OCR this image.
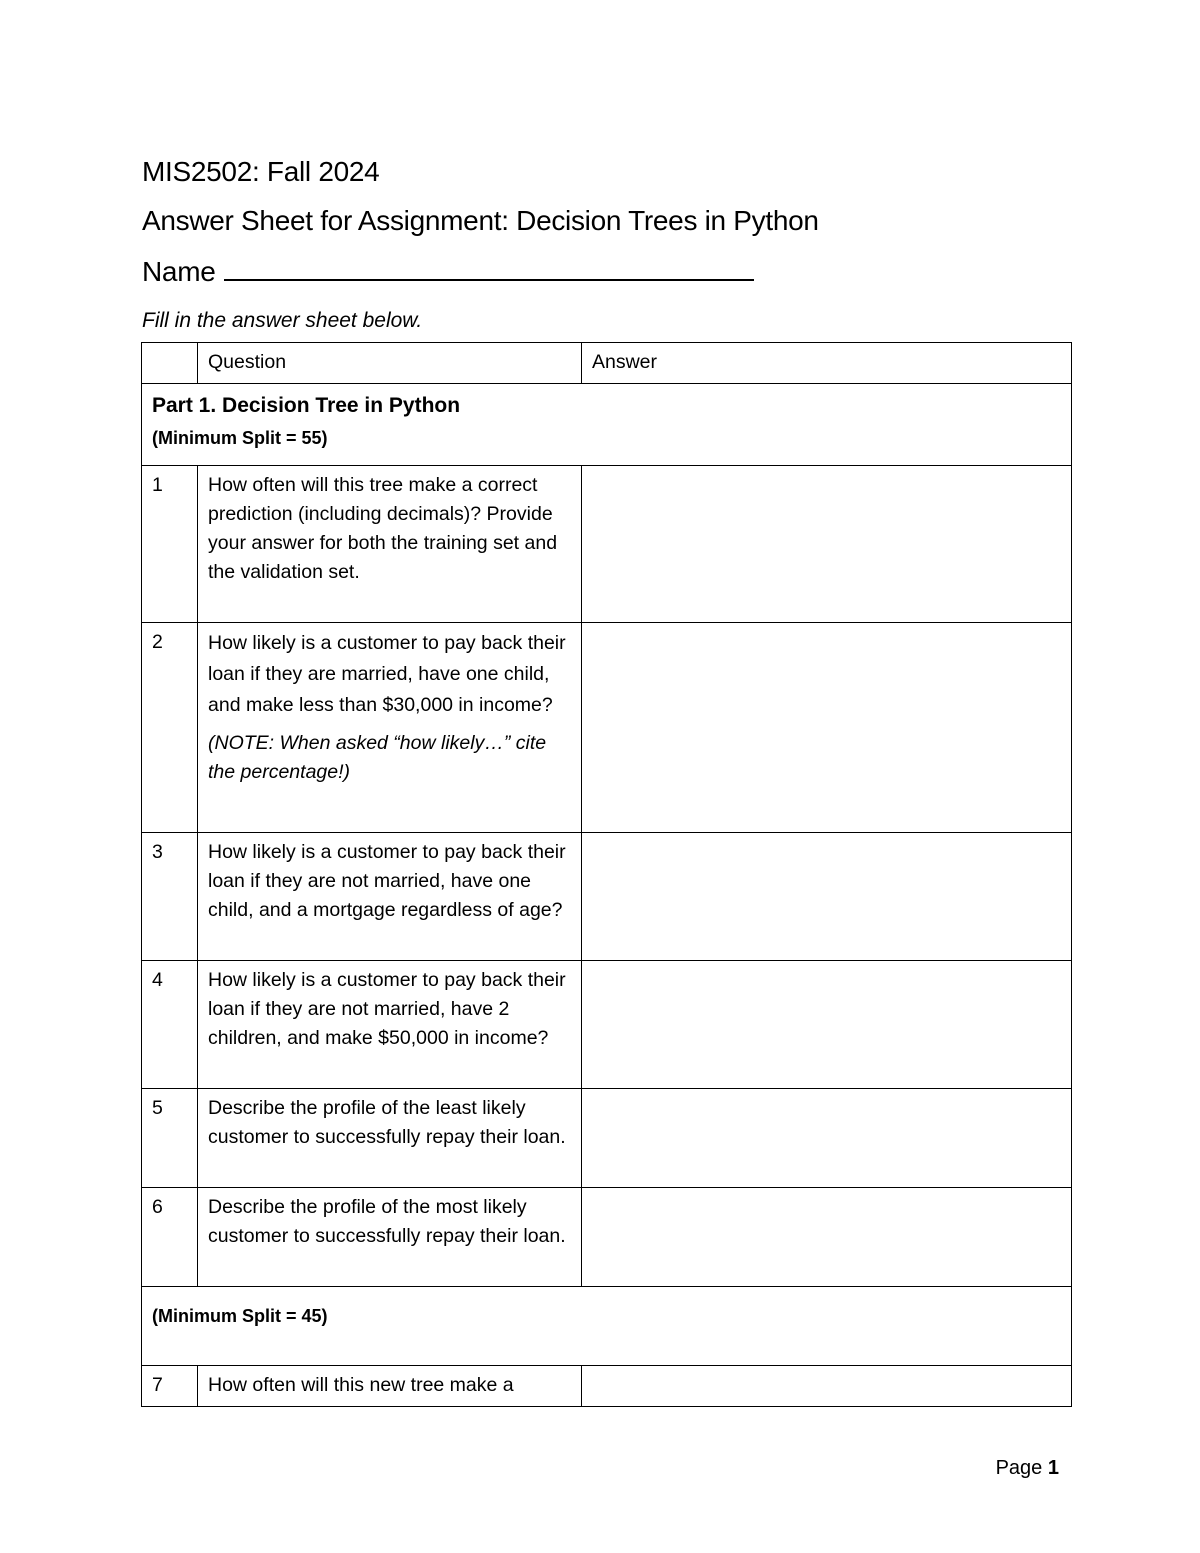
MIS2502: Fall 2024
Answer Sheet for Assignment: Decision Trees in Python
Name
Fill in the answer sheet below.
	Question	Answer

Part 1. Decision Tree in Python
(Minimum Split = 55)		

1	How often will this tree make a correct prediction (including decimals)? Provide your answer for both the training set and the validation set.	
2	How likely is a customer to pay back their loan if they are married, have one child, and make less than $30,000 in income?
(NOTE: When asked “how likely…” cite the percentage!)	

3	How likely is a customer to pay back their loan if they are not married, have one child, and a mortgage regardless of age?	
4	How likely is a customer to pay back their loan if they are not married, have 2 children, and make $50,000 in income?	
5	Describe the profile of the least likely customer to successfully repay their loan.	
6	Describe the profile of the most likely customer to successfully repay their loan.	

(Minimum Split = 45)		

7	How often will this new tree make a	
Page 1
